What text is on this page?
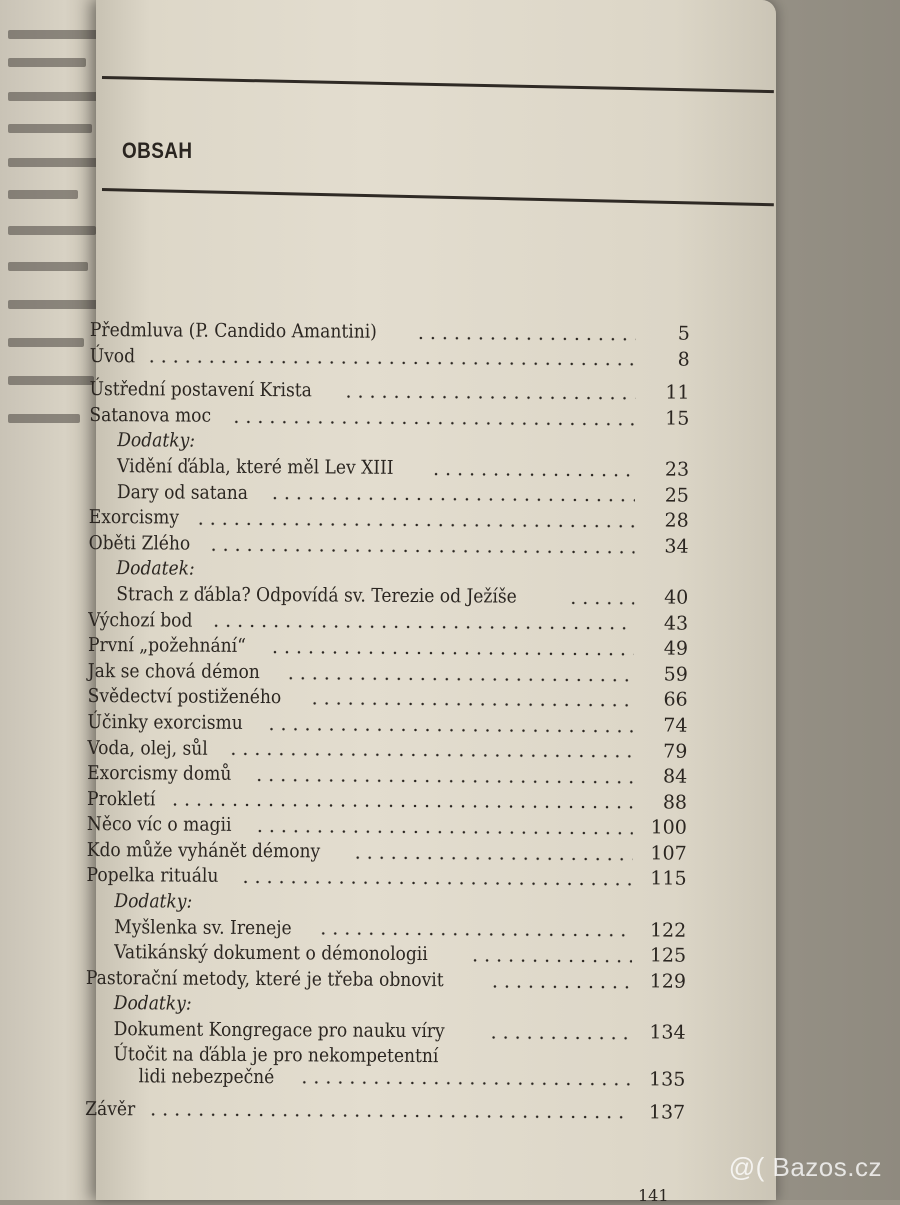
OBSAH
Předmluva (P. Candido Amantini)	5
Úvod	8
Ústřední postavení Krista	11
Satanova moc	15
Dodatky:
Vidění ďábla, které měl Lev XIII	23
Dary od satana	25
Exorcismy	28
Oběti Zlého	34
Dodatek:
Strach z ďábla? Odpovídá sv. Terezie od Ježíše	40
Výchozí bod	43
První „požehnání“	49
Jak se chová démon	59
Svědectví postiženého	66
Účinky exorcismu	74
Voda, olej, sůl	79
Exorcismy domů	84
Prokletí	88
Něco víc o magii	100
Kdo může vyhánět démony	107
Popelka rituálu	115
Dodatky:
Myšlenka sv. Ireneje	122
Vatikánský dokument o démonologii	125
Pastorační metody, které je třeba obnovit	129
Dodatky:
Dokument Kongregace pro nauku víry	134
Útočit na ďábla je pro nekompetentní
lidi nebezpečné	135
Závěr	137
141
@( Bazos.cz
